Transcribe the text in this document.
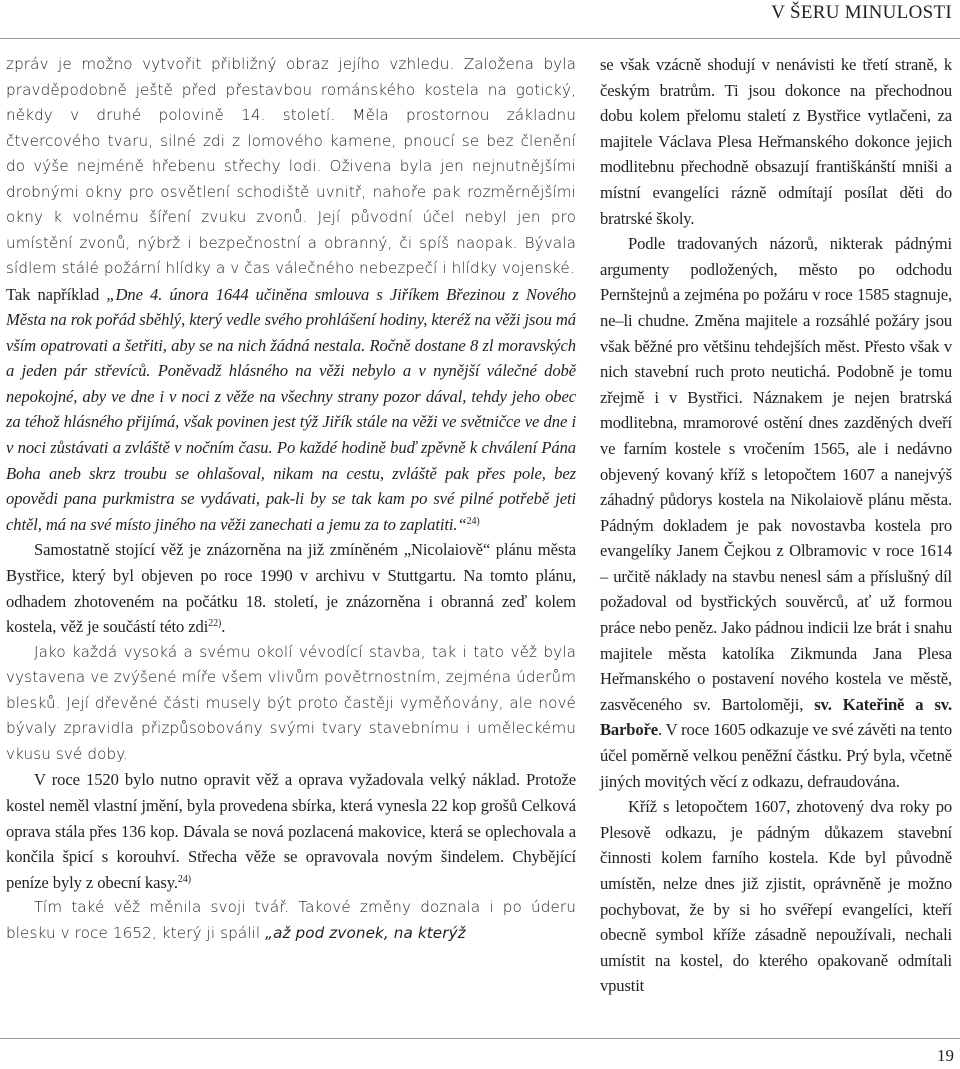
V ŠERU MINULOSTI

zpráv je možno vytvořit přibližný obraz jejího vzhledu. Založena byla pravděpodobně ještě před přestavbou románského kostela na gotický, někdy v druhé polovině 14. století. Měla prostornou základnu čtvercového tvaru, silné zdi z lomového kamene, pnoucí se bez členění do výše nejméně hřebenu střechy lodi. Oživena byla jen nejnutnějšími drobnými okny pro osvětlení schodiště uvnitř, nahoře pak rozměrnějšími okny k volnému šíření zvuku zvonů. Její původní účel nebyl jen pro umístění zvonů, nýbrž i bezpečnostní a obranný, či spíš naopak. Bývala sídlem stálé požární hlídky a v čas válečného nebezpečí i hlídky vojenské.

Tak například „Dne 4. února 1644 učiněna smlouva s Jiříkem Březinou z Nového Města na rok pořád sběhlý, který vedle svého prohlášení hodiny, kteréž na věži jsou má vším opatrovati a šetřiti, aby se na nich žádná nestala. Ročně dostane 8 zl moravských a jeden pár střevíců. Poněvadž hlásného na věži nebylo a v nynější válečné době nepokojné, aby ve dne i v noci z věže na všechny strany pozor dával, tehdy jeho obec za téhož hlásného přijímá, však povinen jest týž Jiřík stále na věži ve světničce ve dne i v noci zůstávati a zvláště v nočním času. Po každé hodině buď zpěvně k chválení Pána Boha aneb skrz troubu se ohlašoval, nikam na cestu, zvláště pak přes pole, bez opovědi pana purkmistra se vydávati, pak-li by se tak kam po své pilné potřebě jeti chtěl, má na své místo jiného na věži zanechati a jemu za to zaplatiti.“$^{24)}$

Samostatně stojící věž je znázorněna na již zmíněném „Nicolaiově“ plánu města Bystřice, který byl objeven po roce 1990 v archivu v Stuttgartu. Na tomto plánu, odhadem zhotoveném na počátku 18. století, je znázorněna i obranná zeď kolem kostela, věž je součástí této zdi$^{22)}$.

Jako každá vysoká a svému okolí vévodící stavba, tak i tato věž byla vystavena ve zvýšené míře všem vlivům povětrnostním, zejména úderům blesků. Její dřevěné části musely být proto častěji vyměňovány, ale nové bývaly zpravidla přizpůsobovány svými tvary stavebnímu i uměleckému vkusu své doby.

V roce 1520 bylo nutno opravit věž a oprava vyžadovala velký náklad. Protože kostel neměl vlastní jmění, byla provedena sbírka, která vynesla 22 kop grošů Celková oprava stála přes 136 kop. Dávala se nová pozlacená makovice, která se oplechovala a končila špicí s korouhví. Střecha věže se opravovala novým šindelem. Chybějící peníze byly z obecní kasy.$^{24)}$

Tím také věž měnila svoji tvář. Takové změny doznala i po úderu blesku v roce 1652, který ji spálil „až pod zvonek, na kterýž

se však vzácně shodují v nenávisti ke třetí straně, k českým bratrům. Ti jsou dokonce na přechodnou dobu kolem přelomu staletí z Bystřice vytlačeni, za majitele Václava Plesa Heřmanského dokonce jejich modlitebnu přechodně obsazují františkánští mniši a místní evangelíci rázně odmítají posílat děti do bratrské školy.

Podle tradovaných názorů, nikterak pádnými argumenty podložených, město po odchodu Pernštejnů a zejména po požáru v roce 1585 stagnuje, ne–li chudne. Změna majitele a rozsáhlé požáry jsou však běžné pro většinu tehdejších měst. Přesto však v nich stavební ruch proto neutichá. Podobně je tomu zřejmě i v Bystřici. Náznakem je nejen bratrská modlitebna, mramorové ostění dnes zazděných dveří ve farním kostele s vročením 1565, ale i nedávno objevený kovaný kříž s letopočtem 1607 a nanejvýš záhadný půdorys kostela na Nikolaiově plánu města. Pádným dokladem je pak novostavba kostela pro evangelíky Janem Čejkou z Olbramovic v roce 1614 – určitě náklady na stavbu nenesl sám a příslušný díl požadoval od bystřických souvěrců, ať už formou práce nebo peněz. Jako pádnou indicii lze brát i snahu majitele města katolíka Zikmunda Jana Plesa Heřmanského o postavení nového kostela ve městě, zasvěceného sv. Bartoloměji, sv. Kateřině a sv. Barboře. V roce 1605 odkazuje ve své závěti na tento účel poměrně velkou peněžní částku. Prý byla, včetně jiných movitých věcí z odkazu, defraudována.

Kříž s letopočtem 1607, zhotovený dva roky po Plesově odkazu, je pádným důkazem stavební činnosti kolem farního kostela. Kde byl původně umístěn, nelze dnes již zjistit, oprávněně je možno pochybovat, že by si ho svéřepí evangelíci, kteří obecně symbol kříže zásadně nepoužívali, nechali umístit na kostel, do kterého opakovaně odmítali vpustit

19
